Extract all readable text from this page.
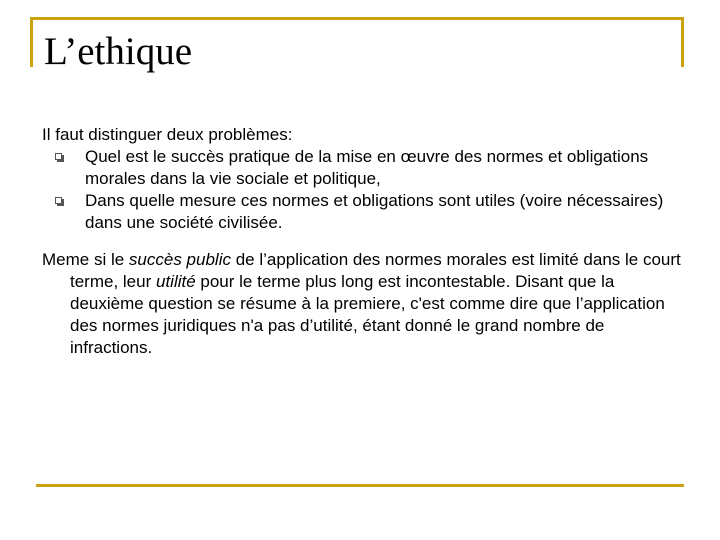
L’ethique

Il faut distinguer deux problèmes:

Quel est le succès pratique de la mise en œuvre des normes et obligations morales dans la vie sociale et politique,
Dans quelle mesure ces normes et obligations sont utiles (voire nécessaires) dans une société civilisée.

Meme si le succès public de l’application des normes morales est limité dans le court terme, leur utilité pour le terme plus long est incontestable. Disant que la deuxième question se résume à la premiere, c'est comme dire que l’application des normes juridiques n'a pas d’utilité, étant donné le grand nombre de infractions.
